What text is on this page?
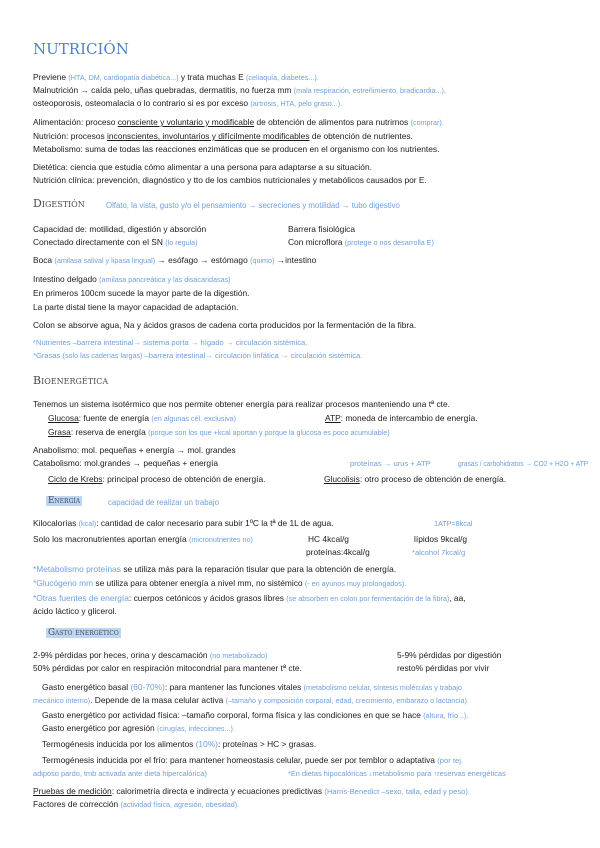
NUTRICIÓN
Previene (HTA, DM, cardiopatía diabética...) y trata muchas E (celiaquía, diabetes...).
Malnutrición → caída pelo, uñas quebradas, dermatitis, no fuerza mm (mala respiración, estreñimiento, bradicardia...),
osteoporosis, osteomalacia o lo contrario si es por exceso (artrosis, HTA, pelo graso...).
Alimentación: proceso consciente y voluntario y modificable de obtención de alimentos para nutrirnos (comprar).
Nutrición: procesos inconscientes, involuntarios y difícilmente modificables de obtención de nutrientes.
Metabolismo: suma de todas las reacciones enzimáticas que se producen en el organismo con los nutrientes.
Dietética: ciencia que estudia cómo alimentar a una persona para adaptarse a su situación.
Nutrición clínica: prevención, diagnóstico y tto de los cambios nutricionales y metabólicos causados por E.
Digestión	Olfato, la vista, gusto y/o el pensamiento → secreciones y motilidad → tubo digestivo
Capacidad de: motilidad, digestión y absorción	Barrera fisiológica
Conectado directamente con el SN (lo regula)	Con microflora (protege o nos desarrolla E)
Boca (amilasa salival y lipasa lingual) → esófago → estómago (quimo) →intestino
Intestino delgado (amilasa pancreática y las disacaridasas)
En primeros 100cm sucede la mayor parte de la digestión.
La parte distal tiene la mayor capacidad de adaptación.
Colon se absorve agua, Na y ácidos grasos de cadena corta producidos por la fermentación de la fibra.
*Nutrientes –barrera intestinal→ sistema porta → hígado → circulación sistémica.
*Grasas (solo las cadenas largas) –barrera intestinal→ circulación linfática → circulación sistémica.
Bioenergética
Tenemos un sistema isotérmico que nos permite obtener energía para realizar procesos manteniendo una tª cte.
Glucosa: fuente de energía (en algunas cél. exclusiva)	ATP: moneda de intercambio de energía.
Grasa: reserva de energía (porque son los que +kcal aportan y porque la glucosa es poco acumulable)
Anabolismo: mol. pequeñas + energía → mol. grandes
Catabolismo: mol.grandes → pequeñas + energía	proteínas → urus + ATP	grasas / carbohidratos → CO2 + H2O + ATP
Ciclo de Krebs: principal proceso de obtención de energía.	Glucolisis: otro proceso de obtención de energía.
Energía	capacidad de realizar un trabajo
Kilocalorías (kcal): cantidad de calor necesario para subir 1ºC la tª de 1L de agua.	1ATP=8kcal
Solo los macronutrientes aportan energía (micronutrientes no)	HC 4kcal/g	lípidos 9kcal/g
proteínas:4kcal/g	*alcohol 7kcal/g
*Metabolismo proteínas se utiliza más para la reparación tisular que para la obtención de energía.
*Glucógeno mm se utiliza para obtener energía a nivel mm, no sistémico (- en ayunos muy prolongados).
*Otras fuentes de energía: cuerpos cetónicos y ácidos grasos libres (se absorben en colon por fermentación de la fibra), aa,
ácido láctico y glicerol.
Gasto energético
2-9% pérdidas por heces, orina y descamación (no metabolizado)	5-9% pérdidas por digestión
50% pérdidas por calor en respiración mitocondrial para mantener tª cte.	resto% pérdidas por vivir
Gasto energético basal (60-70%): para mantener las funciones vitales (metabolismo celular, síntesis moléculas y trabajo
mecánico interno). Depende de la masa celular activa (–tamaño y composición corporal, edad, crecimiento, embarazo o lactancia).
Gasto energético por actividad física: –tamaño corporal, forma física y las condiciones en que se hace (altura, frío...).
Gasto energético por agresión (cirugías, infecciones...).
Termogénesis inducida por los alimentos (10%): proteínas > HC > grasas.
Termogénesis inducida por el frío: para mantener homeostasis celular, puede ser por temblor o adaptativa (por tej.
adiposo pardo, tmb activada ante dieta hipercalórica)	*En dietas hipocalóricas ↓metabolismo para ↑reservas energéticas
Pruebas de medición: calorimetría directa e indirecta y ecuaciones predictivas (Harris-Benedict –sexo, talla, edad y peso).
Factores de corrección (actividad física, agresión, obesidad).
